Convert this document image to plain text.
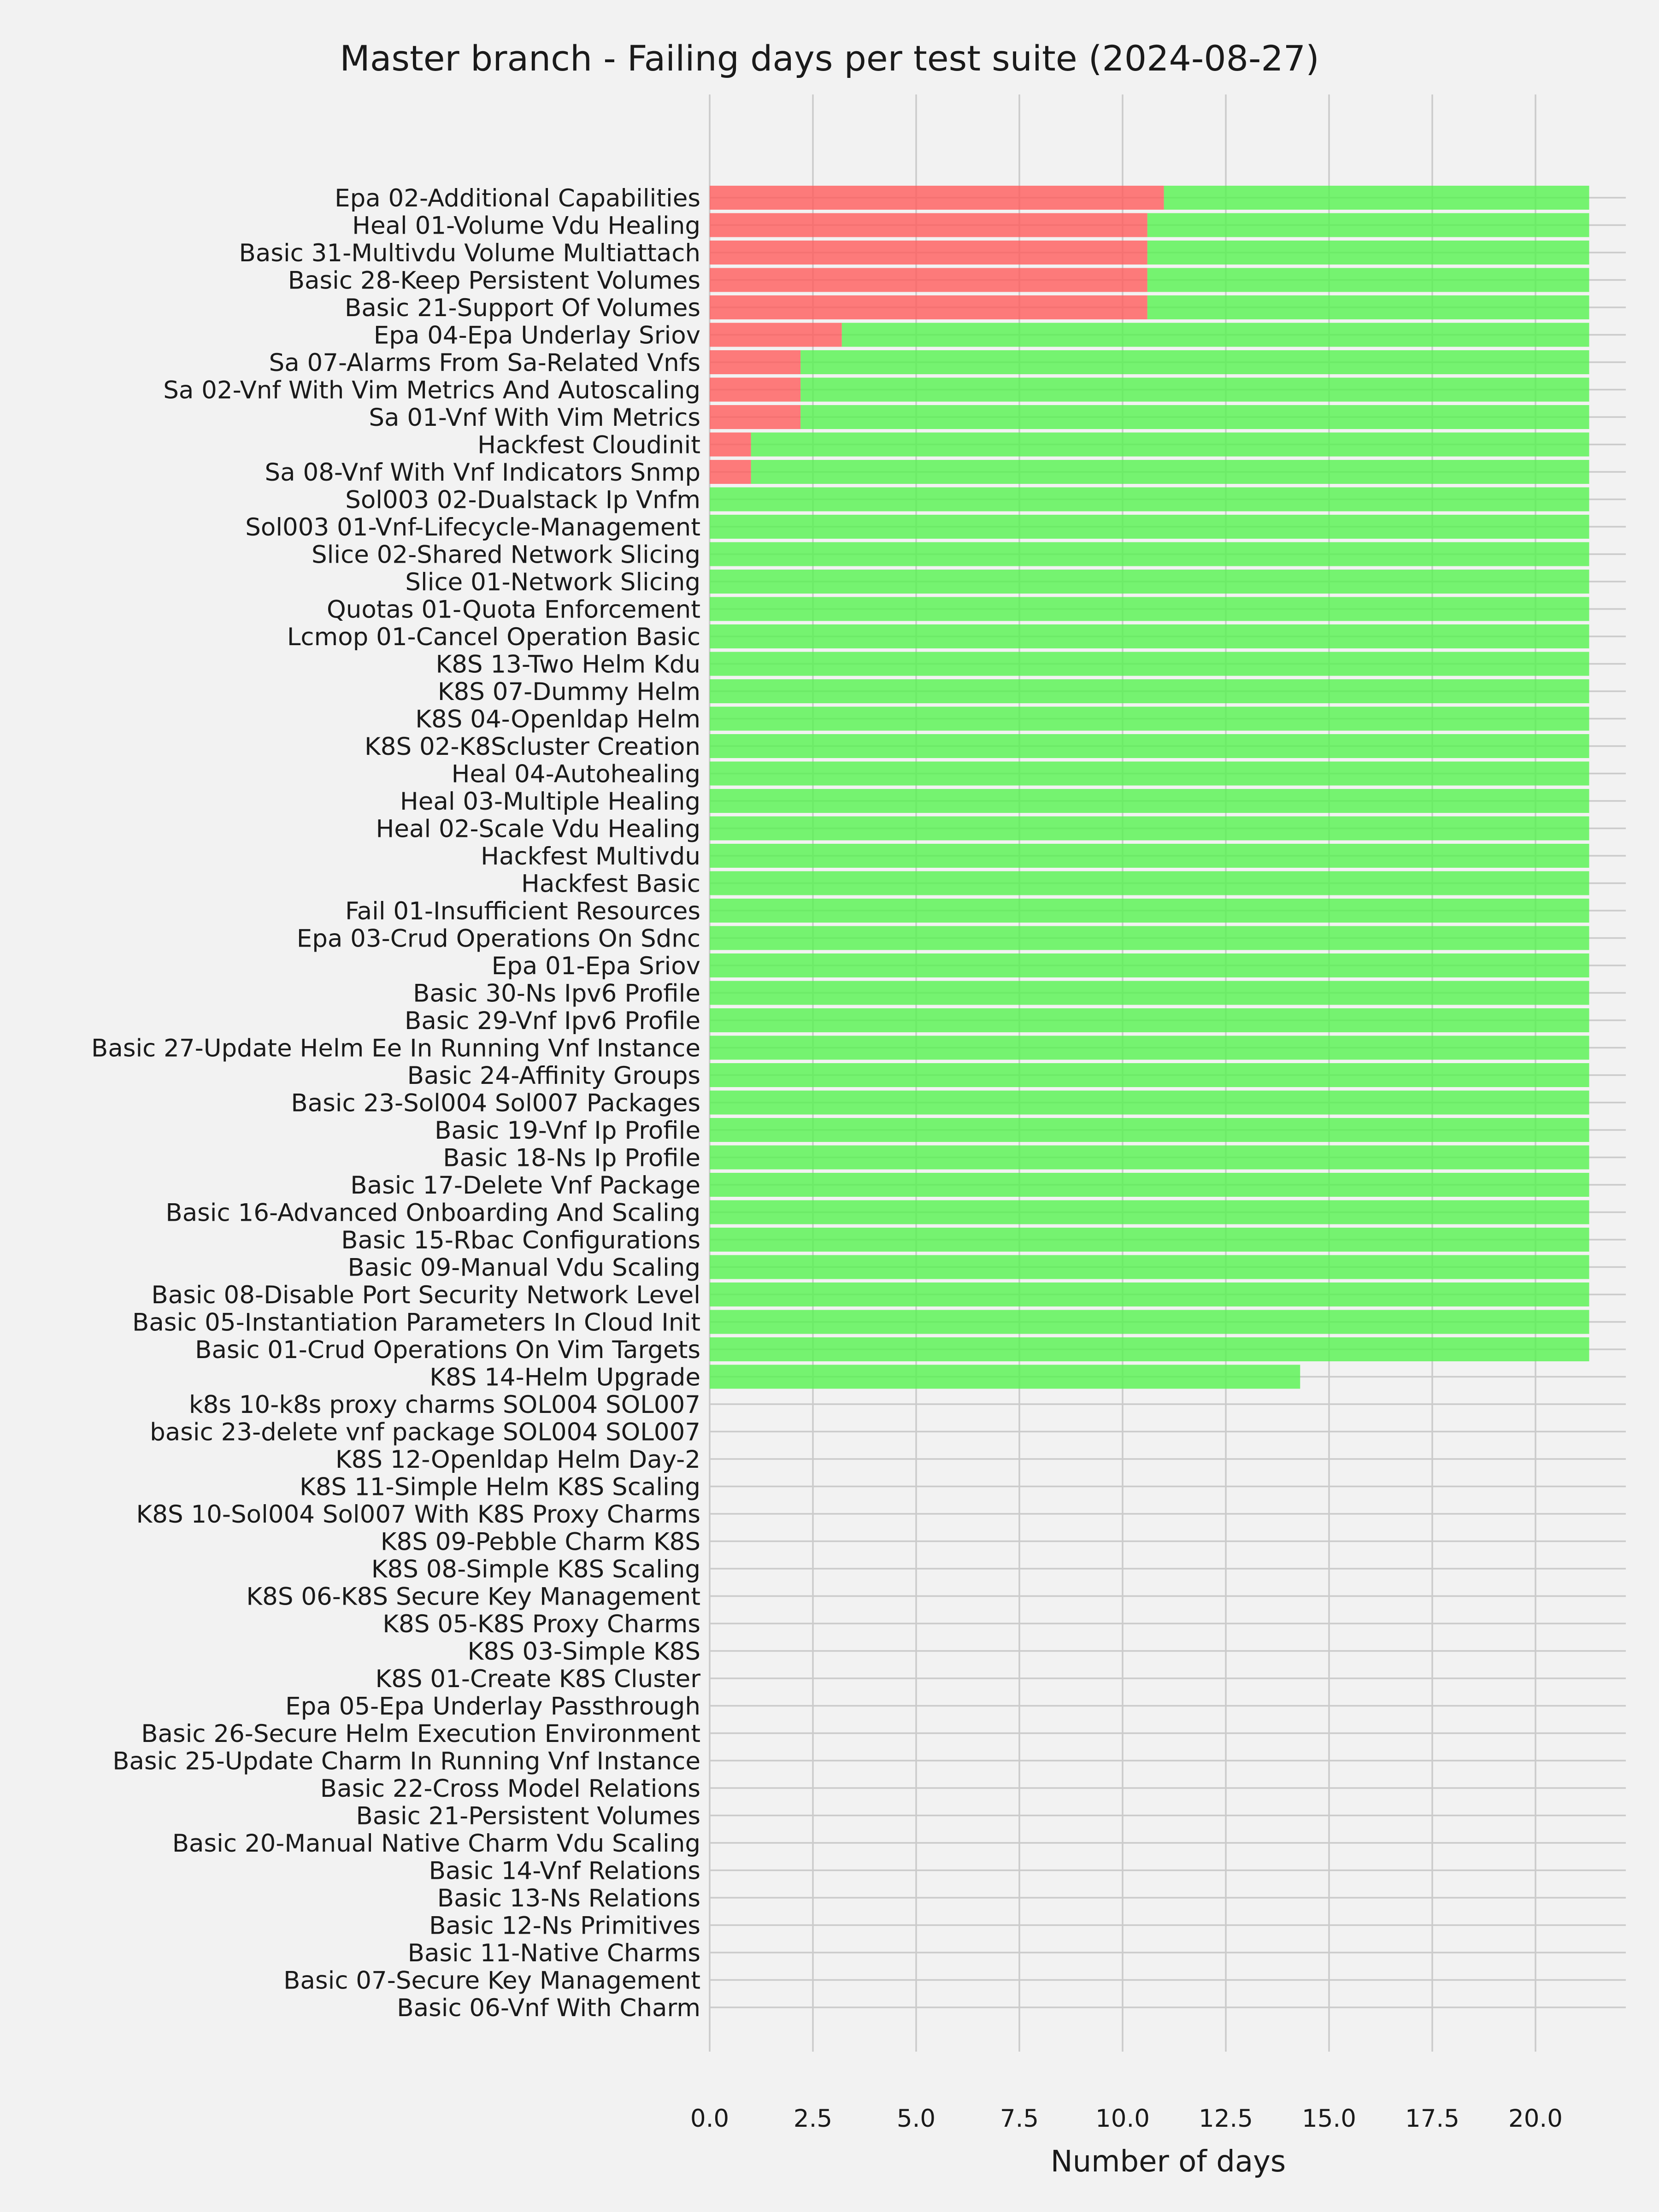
Master branch - Failing days per test suite (2024-08-27)
Epa 02-Additional Capabilities
Heal 01-Volume Vdu Healing
Basic 31-Multivdu Volume Multiattach
Basic 28-Keep Persistent Volumes
Basic 21-Support Of Volumes
Epa 04-Epa Underlay Sriov
Sa 07-Alarms From Sa-Related Vnfs
Sa 02-Vnf With Vim Metrics And Autoscaling
Sa 01-Vnf With Vim Metrics
Hackfest Cloudinit
Sa 08-Vnf With Vnf Indicators Snmp
Sol003 02-Dualstack Ip Vnfm
Sol003 01-Vnf-Lifecycle-Management
Slice 02-Shared Network Slicing
Slice 01-Network Slicing
Quotas 01-Quota Enforcement
Lcmop 01-Cancel Operation Basic
K8S 13-Two Helm Kdu
K8S 07-Dummy Helm
K8S 04-Openldap Helm
K8S 02-K8Scluster Creation
Heal 04-Autohealing
Heal 03-Multiple Healing
Heal 02-Scale Vdu Healing
Hackfest Multivdu
Hackfest Basic
Fail 01-Insufficient Resources
Epa 03-Crud Operations On Sdnc
Epa 01-Epa Sriov
Basic 30-Ns Ipv6 Profile
Basic 29-Vnf Ipv6 Profile
Basic 27-Update Helm Ee In Running Vnf Instance
Basic 24-Affinity Groups
Basic 23-Sol004 Sol007 Packages
Basic 19-Vnf Ip Profile
Basic 18-Ns Ip Profile
Basic 17-Delete Vnf Package
Basic 16-Advanced Onboarding And Scaling
Basic 15-Rbac Configurations
Basic 09-Manual Vdu Scaling
Basic 08-Disable Port Security Network Level
Basic 05-Instantiation Parameters In Cloud Init
Basic 01-Crud Operations On Vim Targets
K8S 14-Helm Upgrade
k8s 10-k8s proxy charms SOL004 SOL007
basic 23-delete vnf package SOL004 SOL007
K8S 12-Openldap Helm Day-2
K8S 11-Simple Helm K8S Scaling
K8S 10-Sol004 Sol007 With K8S Proxy Charms
K8S 09-Pebble Charm K8S
K8S 08-Simple K8S Scaling
K8S 06-K8S Secure Key Management
K8S 05-K8S Proxy Charms
K8S 03-Simple K8S
K8S 01-Create K8S Cluster
Epa 05-Epa Underlay Passthrough
Basic 26-Secure Helm Execution Environment
Basic 25-Update Charm In Running Vnf Instance
Basic 22-Cross Model Relations
Basic 21-Persistent Volumes
Basic 20-Manual Native Charm Vdu Scaling
Basic 14-Vnf Relations
Basic 13-Ns Relations
Basic 12-Ns Primitives
Basic 11-Native Charms
Basic 07-Secure Key Management
Basic 06-Vnf With Charm
0.0	2.5	5.0	7.5 10.0 12.5 15.0 17.5 20.0
Number of days
